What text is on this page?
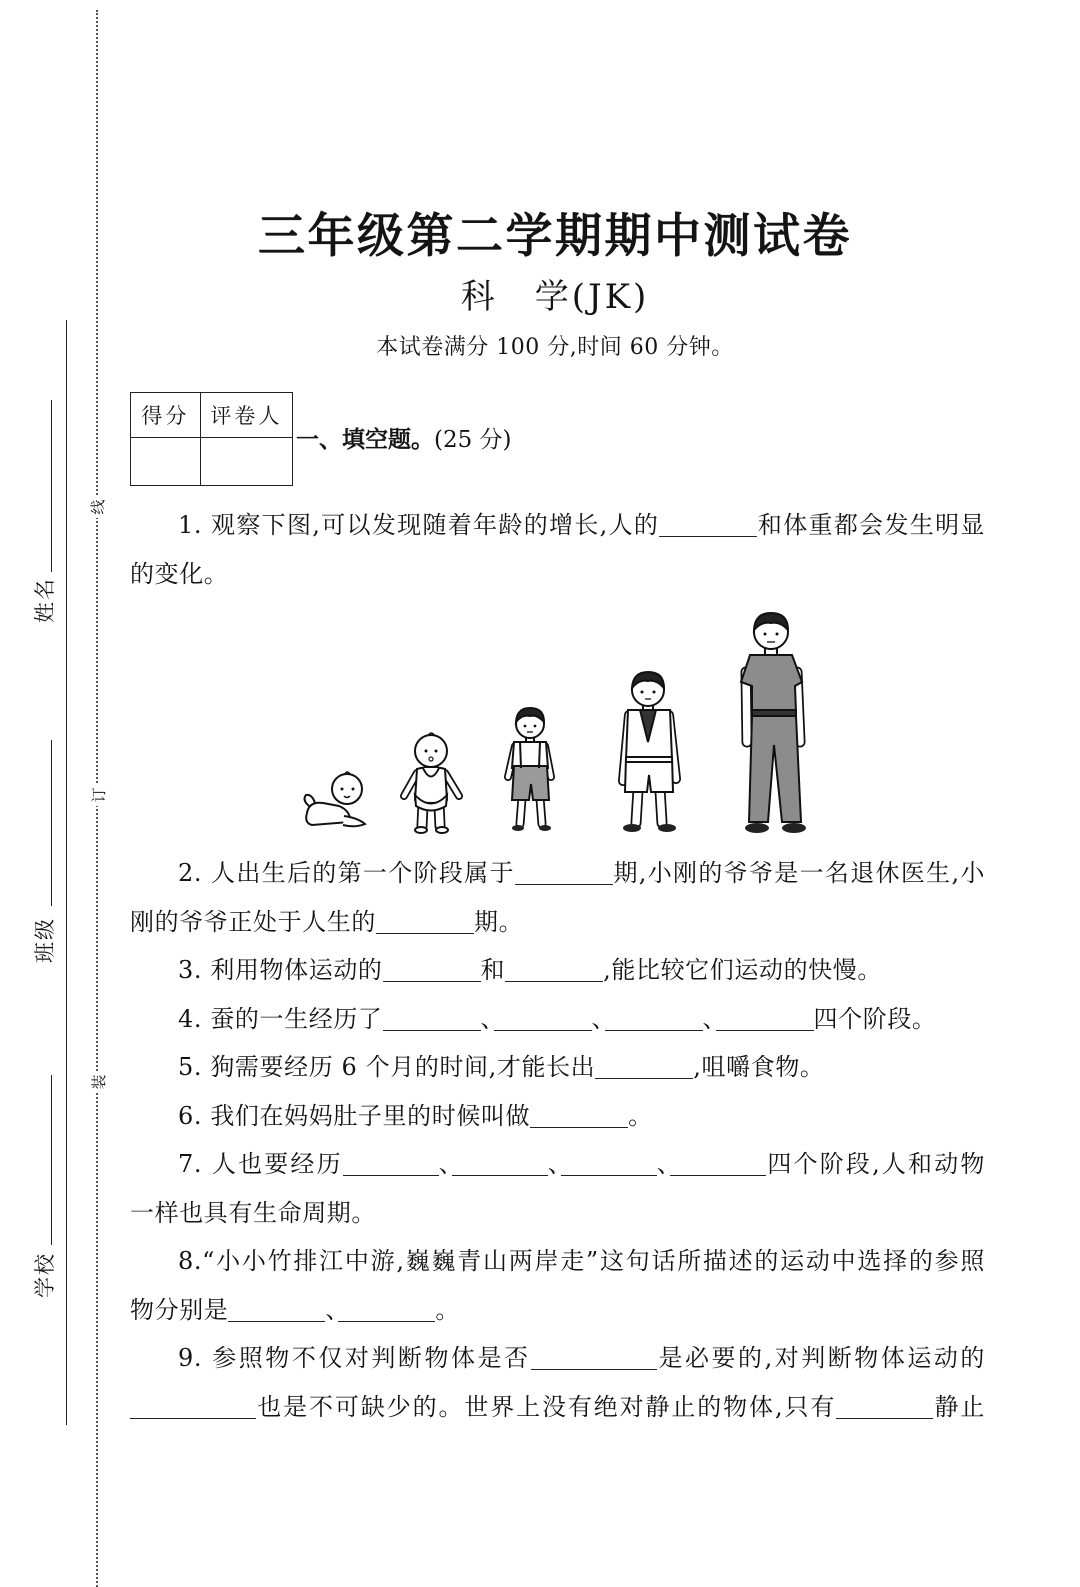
线
订
装
姓名
班级
学校
三年级第二学期期中测试卷
科　学(JK)
本试卷满分 100 分,时间 60 分钟。
得分	评卷人

一、填空题。(25 分)
1. 观察下图,可以发现随着年龄的增长,人的	和体重都会发生明显
的变化。
2. 人出生后的第一个阶段属于	期,小刚的爷爷是一名退休医生,小
刚的爷爷正处于人生的	期。
3. 利用物体运动的	和	,能比较它们运动的快慢。
4. 蚕的一生经历了	、	、	、	四个阶段。
5. 狗需要经历 6 个月的时间,才能长出	,咀嚼食物。
6. 我们在妈妈肚子里的时候叫做	。
7. 人也要经历	、	、	、	四个阶段,人和动物
一样也具有生命周期。
8.“小小竹排江中游,巍巍青山两岸走”这句话所描述的运动中选择的参照
物分别是	、	。
9. 参照物不仅对判断物体是否	是必要的,对判断物体运动的
也是不可缺少的。世界上没有绝对静止的物体,只有	静止
